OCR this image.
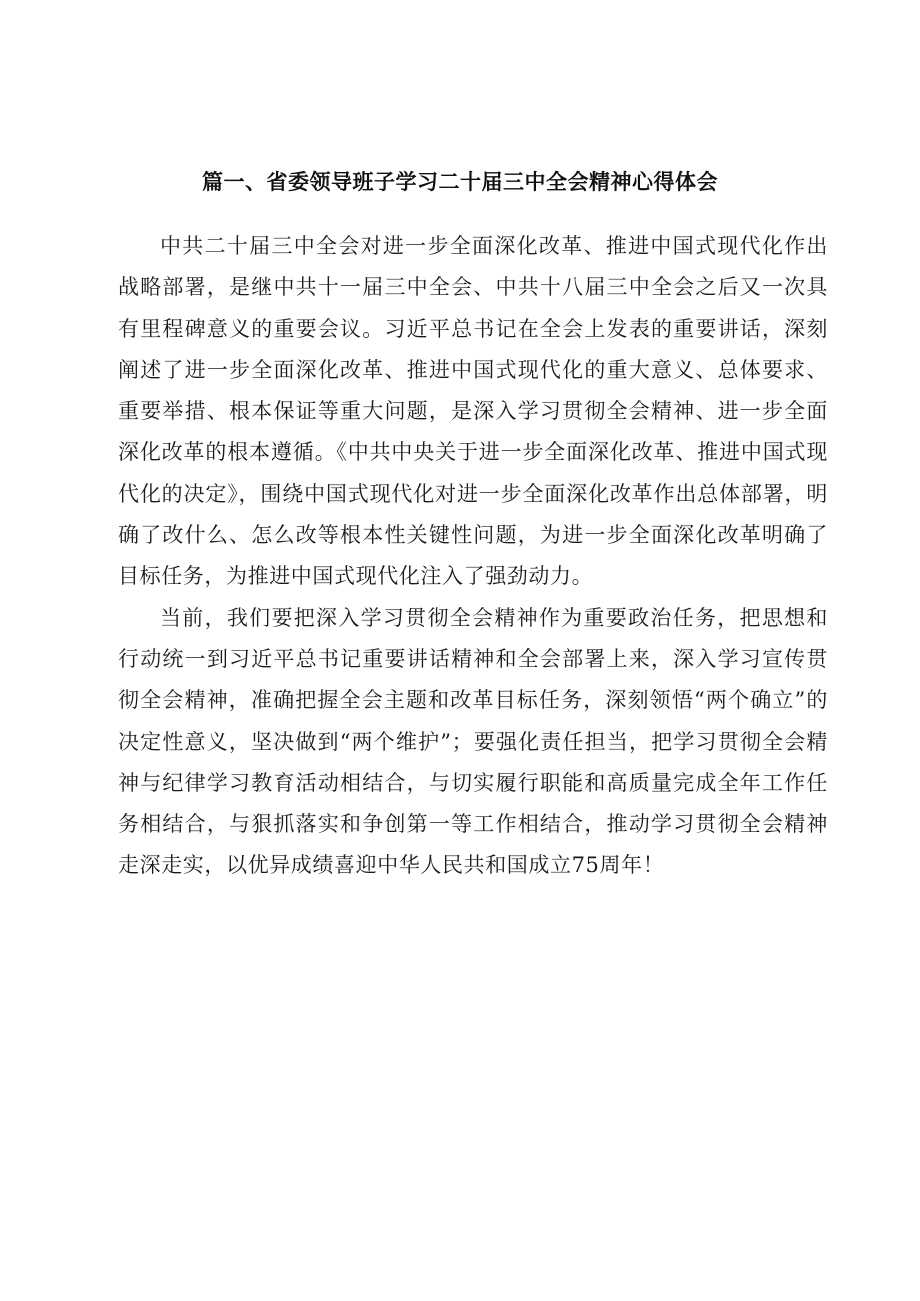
篇一、省委领导班子学习二十届三中全会精神心得体会

中共二十届三中全会对进一步全面深化改革、推进中国式现代化作出战略部署，是继中共十一届三中全会、中共十八届三中全会之后又一次具有里程碑意义的重要会议。习近平总书记在全会上发表的重要讲话，深刻阐述了进一步全面深化改革、推进中国式现代化的重大意义、总体要求、重要举措、根本保证等重大问题，是深入学习贯彻全会精神、进一步全面深化改革的根本遵循。《中共中央关于进一步全面深化改革、推进中国式现代化的决定》，围绕中国式现代化对进一步全面深化改革作出总体部署，明确了改什么、怎么改等根本性关键性问题，为进一步全面深化改革明确了目标任务，为推进中国式现代化注入了强劲动力。

当前，我们要把深入学习贯彻全会精神作为重要政治任务，把思想和行动统一到习近平总书记重要讲话精神和全会部署上来，深入学习宣传贯彻全会精神，准确把握全会主题和改革目标任务，深刻领悟“两个确立”的决定性意义，坚决做到“两个维护”；要强化责任担当，把学习贯彻全会精神与纪律学习教育活动相结合，与切实履行职能和高质量完成全年工作任务相结合，与狠抓落实和争创第一等工作相结合，推动学习贯彻全会精神走深走实，以优异成绩喜迎中华人民共和国成立75周年！
